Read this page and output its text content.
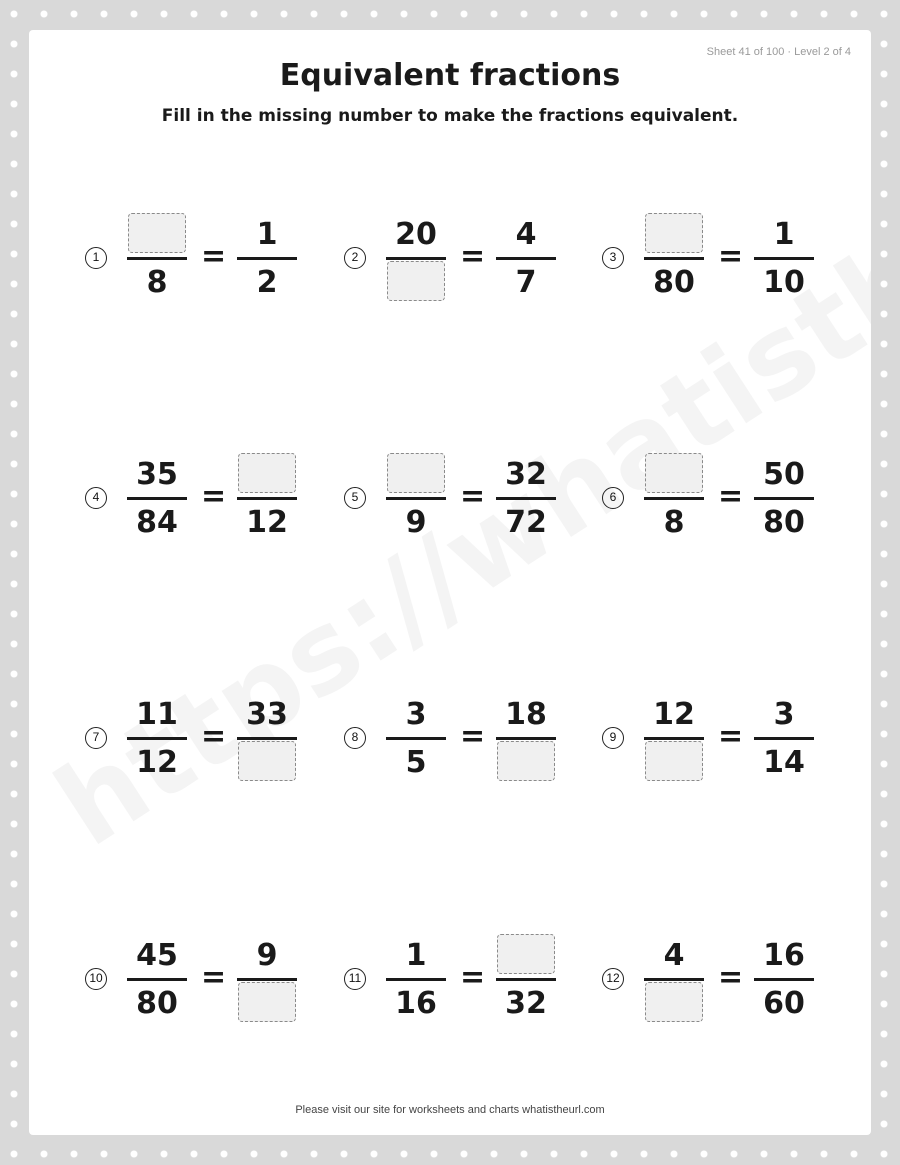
Sheet 41 of 100 · Level 2 of 4
Equivalent fractions
Fill in the missing number to make the fractions equivalent.
1
8
=
1
2
2
20
=
4
7
3
80
=
1
10
4
35
84
=
12
5
9
=
32
72
6
8
=
50
80
7
11
12
=
33
8
3
5
=
18
9
12
=
3
14
10
45
80
=
9
11
1
16
=
32
12
4
=
16
60
Please visit our site for worksheets and charts whatistheurl.com
